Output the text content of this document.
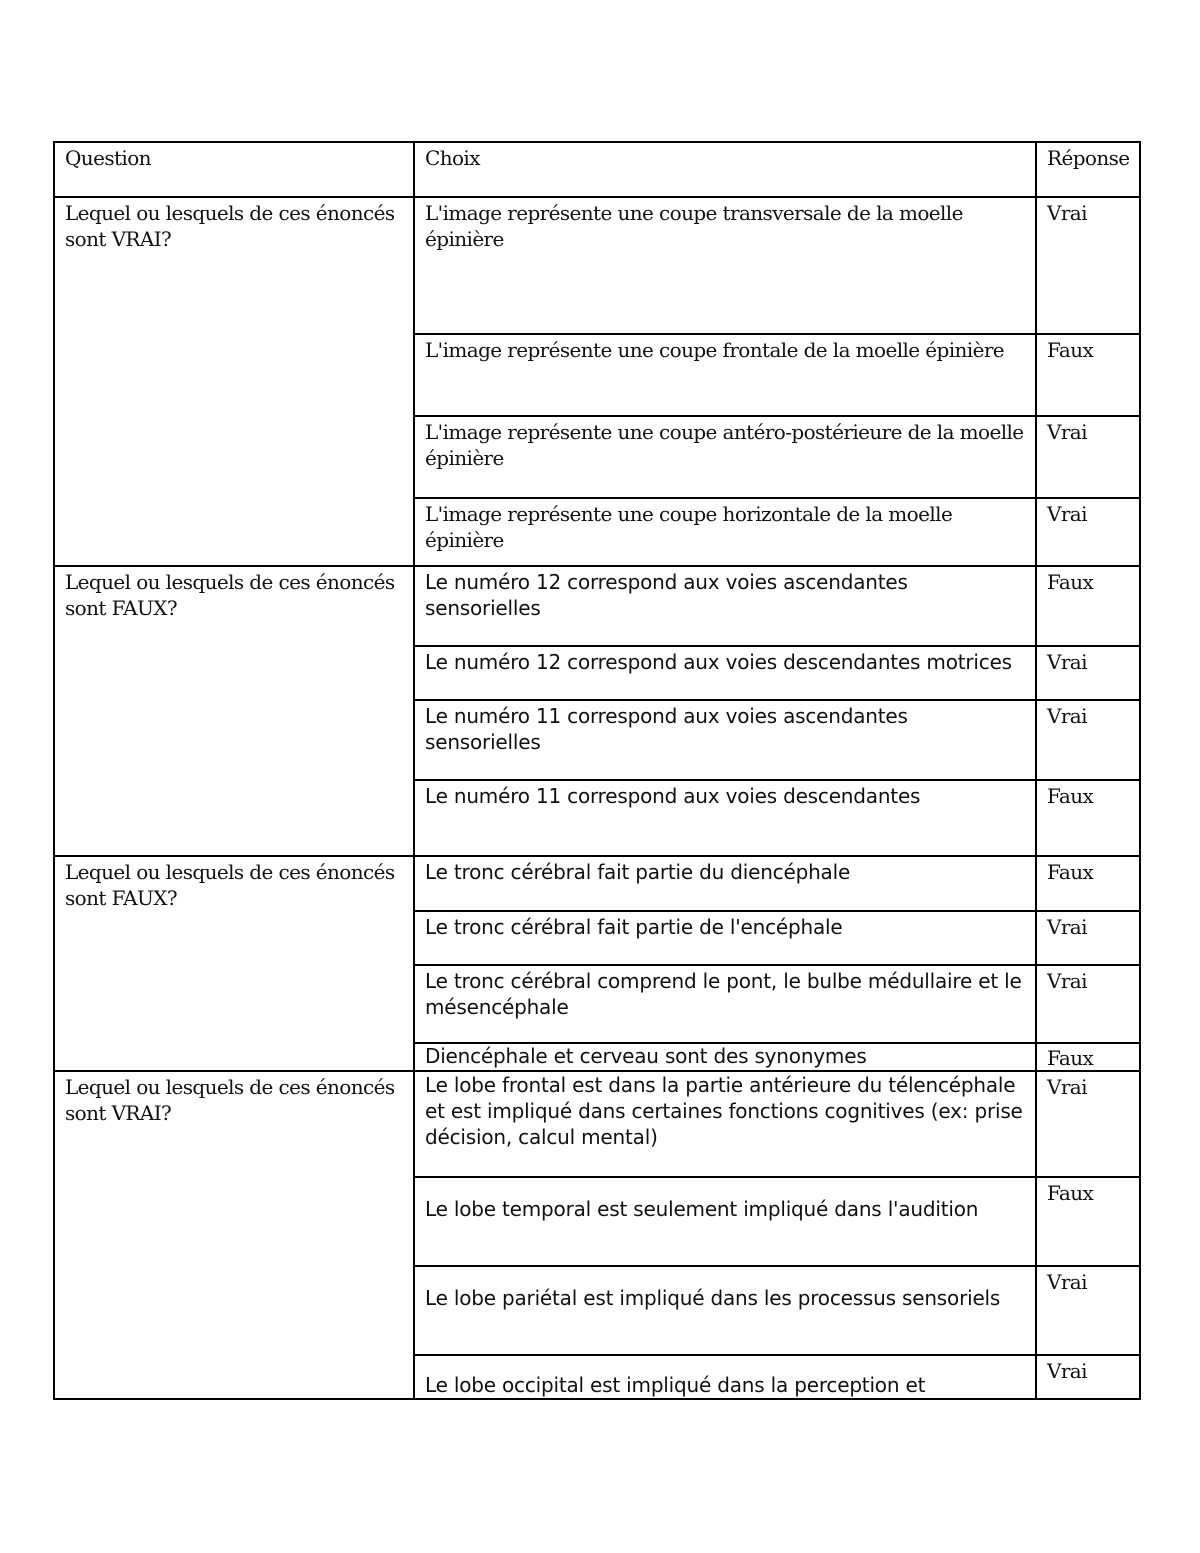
Question	Choix	Réponse
Lequel ou lesquels de ces énoncés sont VRAI?	L'image représente une coupe transversale de la moelle épinière	Vrai
	L'image représente une coupe frontale de la moelle épinière	Faux
	L'image représente une coupe antéro-postérieure de la moelle épinière	Vrai
	L'image représente une coupe horizontale de la moelle épinière	Vrai
Lequel ou lesquels de ces énoncés sont FAUX?	Le numéro 12 correspond aux voies ascendantes sensorielles	Faux
	Le numéro 12 correspond aux voies descendantes motrices	Vrai
	Le numéro 11 correspond aux voies ascendantes sensorielles	Vrai
	Le numéro 11 correspond aux voies descendantes	Faux
Lequel ou lesquels de ces énoncés sont FAUX?	Le tronc cérébral fait partie du diencéphale	Faux
	Le tronc cérébral fait partie de l'encéphale	Vrai
	Le tronc cérébral comprend le pont, le bulbe médullaire et le mésencéphale	Vrai
	Diencéphale et cerveau sont des synonymes	Faux
Lequel ou lesquels de ces énoncés sont VRAI?	Le lobe frontal est dans la partie antérieure du télencéphale et est impliqué dans certaines fonctions cognitives (ex: prise décision, calcul mental)	Vrai
	Le lobe temporal est seulement impliqué dans l'audition	Faux
	Le lobe pariétal est impliqué dans les processus sensoriels	Vrai
	Le lobe occipital est impliqué dans la perception et	Vrai
